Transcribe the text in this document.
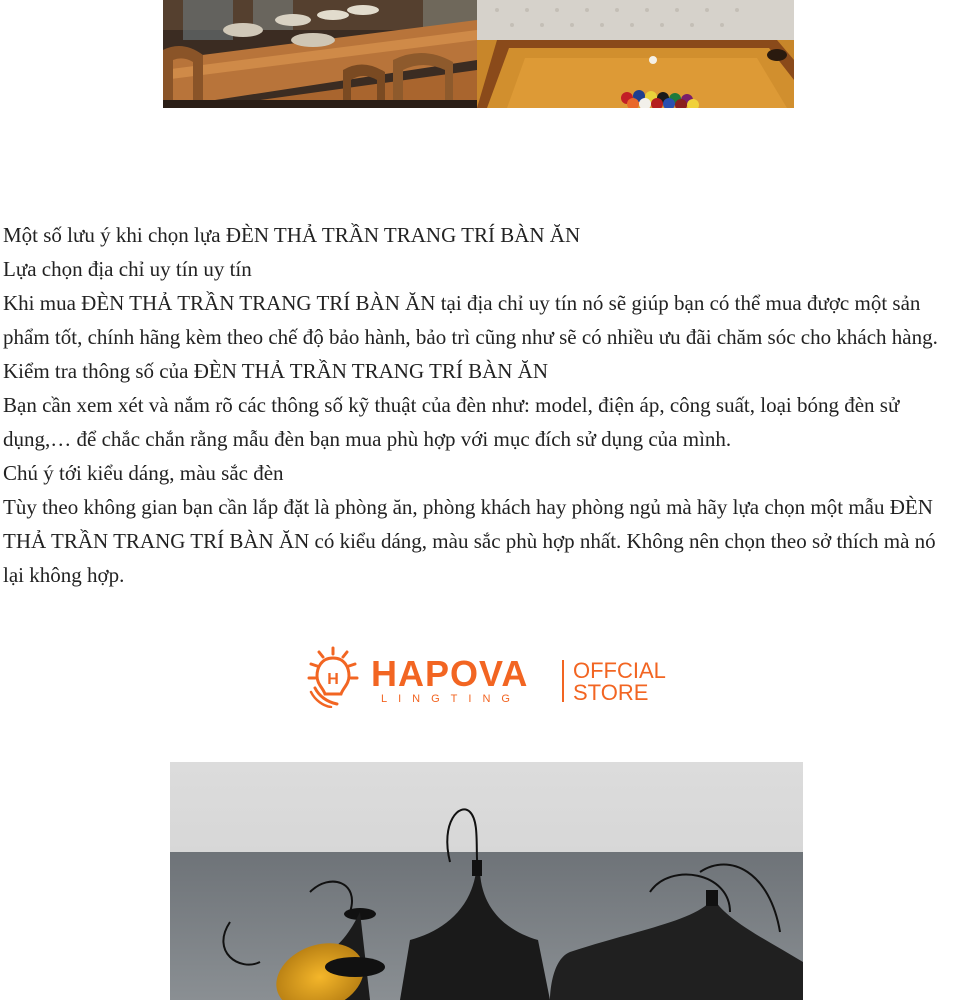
Một số lưu ý khi chọn lựa ĐÈN THẢ TRẦN TRANG TRÍ BÀN ĂN

Lựa chọn địa chỉ uy tín uy tín

Khi mua ĐÈN THẢ TRẦN TRANG TRÍ BÀN ĂN tại địa chỉ uy tín nó sẽ giúp bạn có thể mua được một sản phẩm tốt, chính hãng kèm theo chế độ bảo hành, bảo trì cũng như sẽ có nhiều ưu đãi chăm sóc cho khách hàng.

Kiểm tra thông số của ĐÈN THẢ TRẦN TRANG TRÍ BÀN ĂN

Bạn cần xem xét và nắm rõ các thông số kỹ thuật của đèn như: model, điện áp, công suất, loại bóng đèn sử dụng,… để chắc chắn rằng mẫu đèn bạn mua phù hợp với mục đích sử dụng của mình.

Chú ý tới kiểu dáng, màu sắc đèn

Tùy theo không gian bạn cần lắp đặt là phòng ăn, phòng khách hay phòng ngủ mà hãy lựa chọn một mẫu ĐÈN THẢ TRẦN TRANG TRÍ BÀN ĂN có kiểu dáng, màu sắc phù hợp nhất. Không nên chọn theo sở thích mà nó lại không hợp.

H HAPOVA
LINGTING
OFFCIAL
STORE
